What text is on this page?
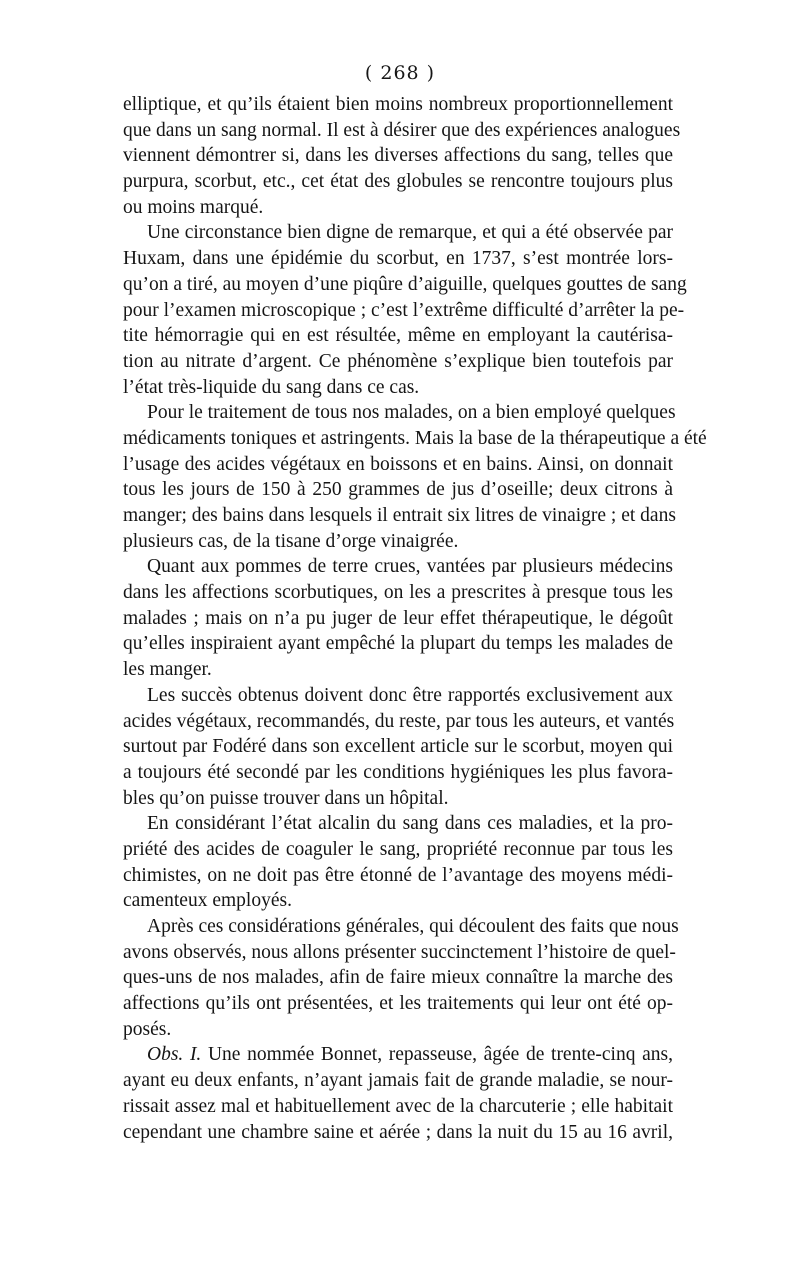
( 268 )
elliptique, et qu’ils étaient bien moins nombreux proportionnellement
que dans un sang normal. Il est à désirer que des expériences analogues
viennent démontrer si, dans les diverses affections du sang, telles que
purpura, scorbut, etc., cet état des globules se rencontre toujours plus
ou moins marqué.
Une circonstance bien digne de remarque, et qui a été observée par
Huxam, dans une épidémie du scorbut, en 1737, s’est montrée lors-
qu’on a tiré, au moyen d’une piqûre d’aiguille, quelques gouttes de sang
pour l’examen microscopique ; c’est l’extrême difficulté d’arrêter la pe-
tite hémorragie qui en est résultée, même en employant la cautérisa-
tion au nitrate d’argent. Ce phénomène s’explique bien toutefois par
l’état très-liquide du sang dans ce cas.
Pour le traitement de tous nos malades, on a bien employé quelques
médicaments toniques et astringents. Mais la base de la thérapeutique a été
l’usage des acides végétaux en boissons et en bains. Ainsi, on donnait
tous les jours de 150 à 250 grammes de jus d’oseille; deux citrons à
manger; des bains dans lesquels il entrait six litres de vinaigre ; et dans
plusieurs cas, de la tisane d’orge vinaigrée.
Quant aux pommes de terre crues, vantées par plusieurs médecins
dans les affections scorbutiques, on les a prescrites à presque tous les
malades ; mais on n’a pu juger de leur effet thérapeutique, le dégoût
qu’elles inspiraient ayant empêché la plupart du temps les malades de
les manger.
Les succès obtenus doivent donc être rapportés exclusivement aux
acides végétaux, recommandés, du reste, par tous les auteurs, et vantés
surtout par Fodéré dans son excellent article sur le scorbut, moyen qui
a toujours été secondé par les conditions hygiéniques les plus favora-
bles qu’on puisse trouver dans un hôpital.
En considérant l’état alcalin du sang dans ces maladies, et la pro-
priété des acides de coaguler le sang, propriété reconnue par tous les
chimistes, on ne doit pas être étonné de l’avantage des moyens médi-
camenteux employés.
Après ces considérations générales, qui découlent des faits que nous
avons observés, nous allons présenter succinctement l’histoire de quel-
ques-uns de nos malades, afin de faire mieux connaître la marche des
affections qu’ils ont présentées, et les traitements qui leur ont été op-
posés.
Obs. I. Une nommée Bonnet, repasseuse, âgée de trente-cinq ans,
ayant eu deux enfants, n’ayant jamais fait de grande maladie, se nour-
rissait assez mal et habituellement avec de la charcuterie ; elle habitait
cependant une chambre saine et aérée ; dans la nuit du 15 au 16 avril,
